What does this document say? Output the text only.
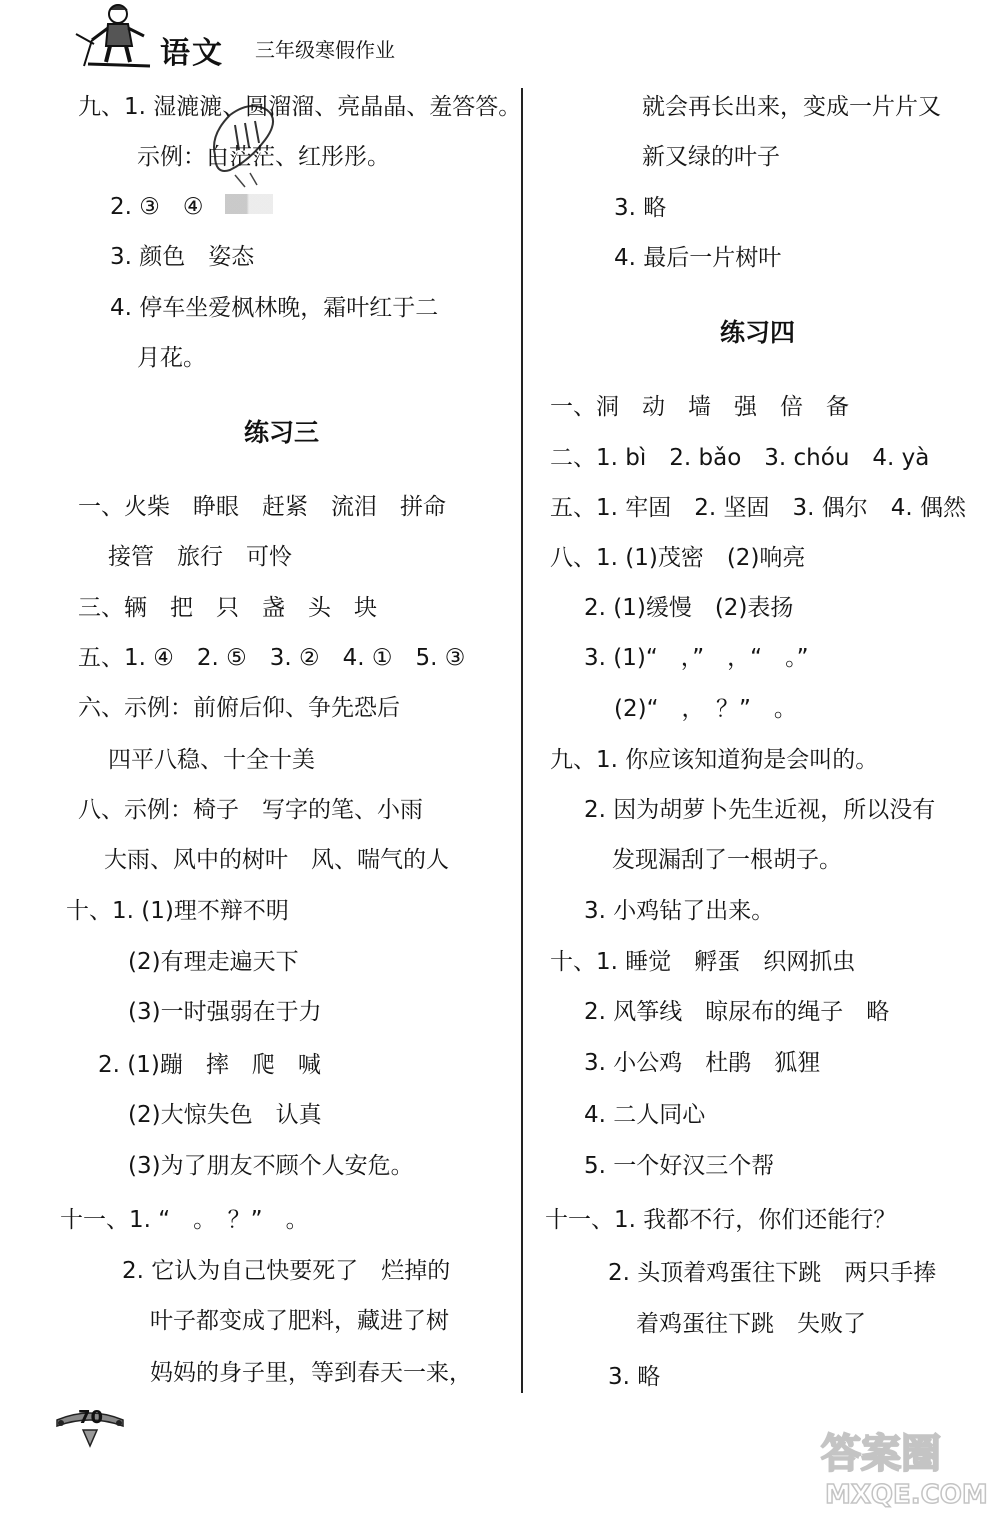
语文 三年级寒假作业
九、1. 湿漉漉、圆溜溜、亮晶晶、羞答答。
示例：白茫茫、红彤彤。
2. ③　④
3. 颜色　姿态
4. 停车坐爱枫林晚，霜叶红于二
月花。
练习三
一、火柴　睁眼　赶紧　流泪　拼命
接管　旅行　可怜
三、辆　把　只　盏　头　块
五、1. ④　2. ⑤　3. ②　4. ①　5. ③
六、示例：前俯后仰、争先恐后
四平八稳、十全十美
八、示例：椅子　写字的笔、小雨
大雨、风中的树叶　风、喘气的人
十、1. (1)理不辩不明
(2)有理走遍天下
(3)一时强弱在于力
2. (1)蹦　摔　爬　喊
(2)大惊失色　认真
(3)为了朋友不顾个人安危。
十一、1. “　。　？”　。
2. 它认为自己快要死了　烂掉的
叶子都变成了肥料，藏进了树
妈妈的身子里，等到春天一来，
就会再长出来，变成一片片又
新又绿的叶子
3. 略
4. 最后一片树叶
练习四
一、洞　动　墙　强　倍　备
二、1. bì　2. bǎo　3. chóu　4. yà
五、1. 牢固　2. 坚固　3. 偶尔　4. 偶然
八、1. (1)茂密　(2)响亮
2. (1)缓慢　(2)表扬
3. (1)“　，”　，“　。”
(2)“　，　？”　。
九、1. 你应该知道狗是会叫的。
2. 因为胡萝卜先生近视，所以没有
发现漏刮了一根胡子。
3. 小鸡钻了出来。
十、1. 睡觉　孵蛋　织网抓虫
2. 风筝线　晾尿布的绳子　略
3. 小公鸡　杜鹃　狐狸
4. 二人同心
5. 一个好汉三个帮
十一、1. 我都不行，你们还能行？
2. 头顶着鸡蛋往下跳　两只手捧
着鸡蛋往下跳　失败了
3. 略
70
答案圈
MXQE.COM
